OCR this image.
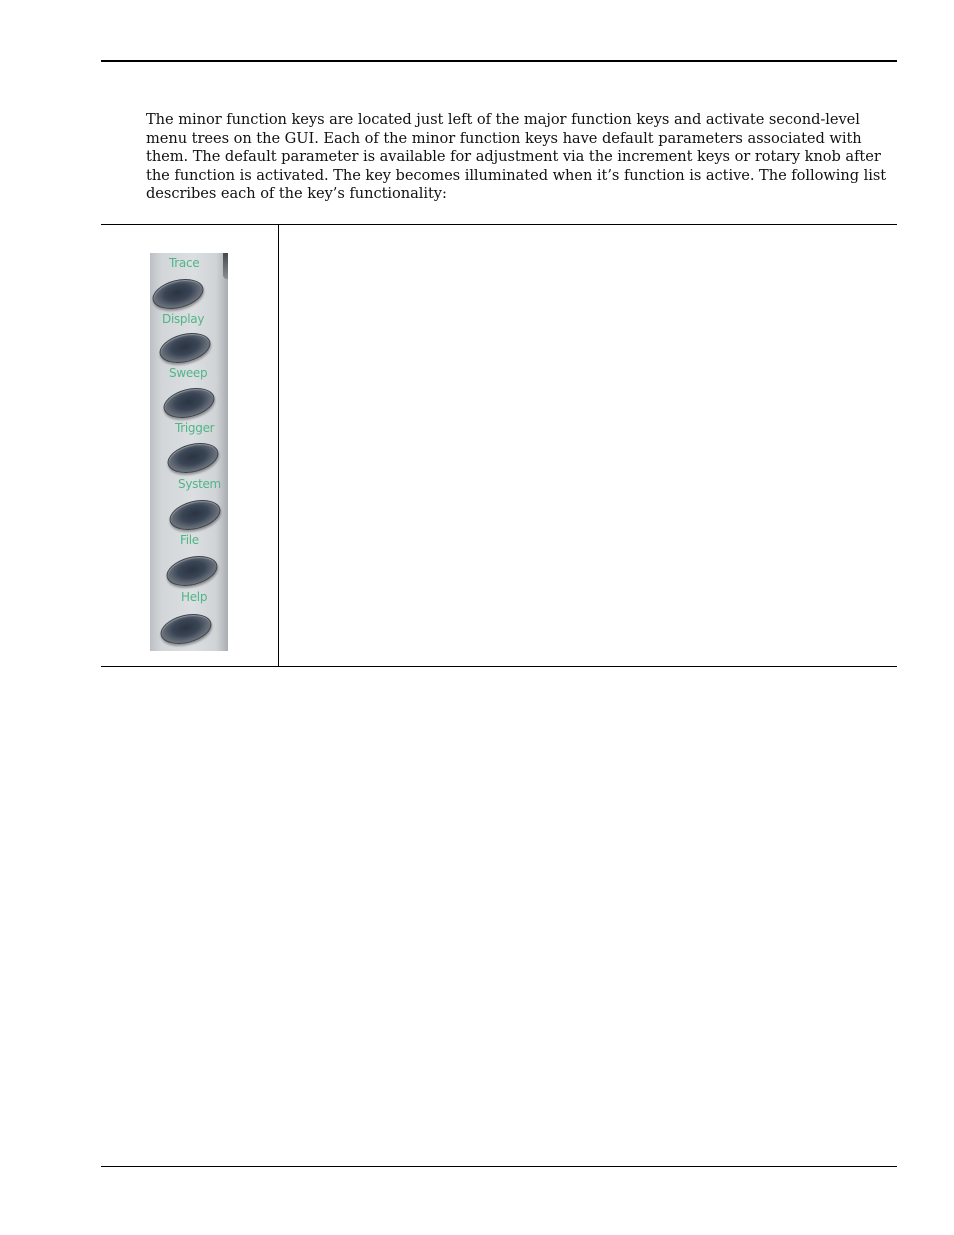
The minor function keys are located just left of the major function keys and activate second-level menu trees on the GUI. Each of the minor function keys have default parameters associated with them. The default parameter is available for adjustment via the increment keys or rotary knob after the function is activated. The key becomes illuminated when it’s function is active. The following list describes each of the key’s functionality:

Trace
Display
Sweep
Trigger
System
File
Help
